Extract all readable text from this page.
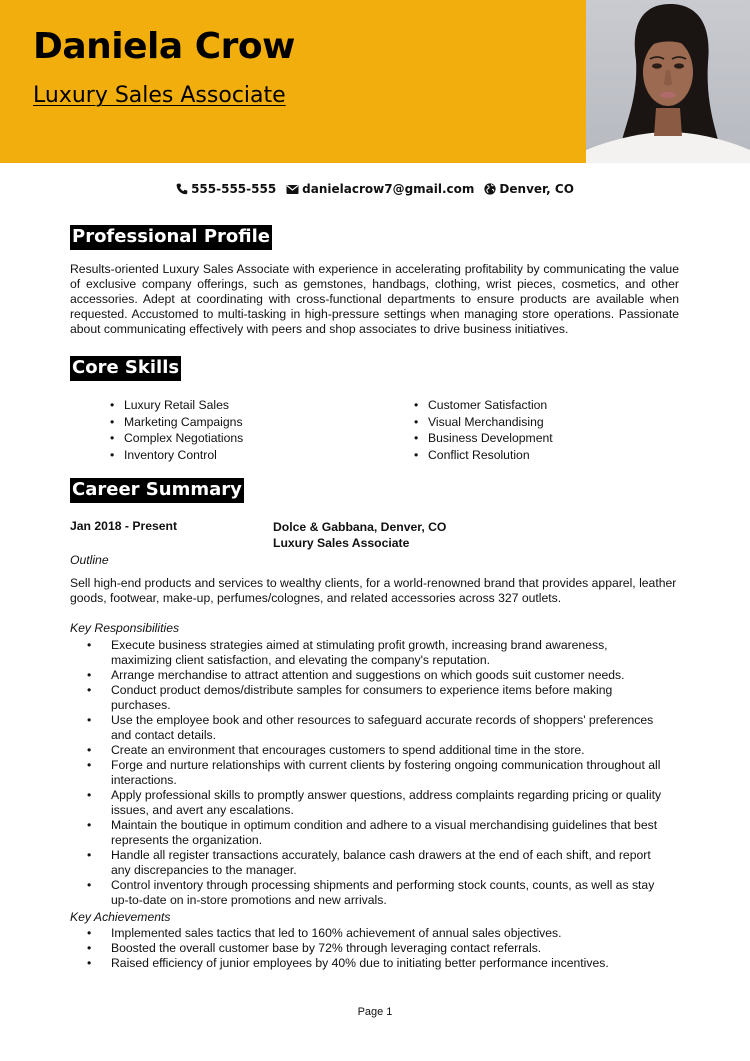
Daniela Crow
Luxury Sales Associate
555-555-555 danielacrow7@gmail.com Denver, CO
Professional Profile

Results-oriented Luxury Sales Associate with experience in accelerating profitability by communicating the value of exclusive company offerings, such as gemstones, handbags, clothing, wrist pieces, cosmetics, and other accessories. Adept at coordinating with cross-functional departments to ensure products are available when requested. Accustomed to multi-tasking in high-pressure settings when managing store operations. Passionate about communicating effectively with peers and shop associates to drive business initiatives.

Core Skills
• Luxury Retail Sales
• Marketing Campaigns
• Complex Negotiations
• Inventory Control
• Customer Satisfaction
• Visual Merchandising
• Business Development
• Conflict Resolution
Career Summary
Jan 2018 - Present	Dolce & Gabbana, Denver, CO
Luxury Sales Associate
Outline

Sell high-end products and services to wealthy clients, for a world-renowned brand that provides apparel, leather goods, footwear, make-up, perfumes/colognes, and related accessories across 327 outlets.

Key Responsibilities
• Execute business strategies aimed at stimulating profit growth, increasing brand awareness, maximizing client satisfaction, and elevating the company's reputation.
• Arrange merchandise to attract attention and suggestions on which goods suit customer needs.
• Conduct product demos/distribute samples for consumers to experience items before making purchases.
• Use the employee book and other resources to safeguard accurate records of shoppers' preferences and contact details.
• Create an environment that encourages customers to spend additional time in the store.
• Forge and nurture relationships with current clients by fostering ongoing communication throughout all interactions.
• Apply professional skills to promptly answer questions, address complaints regarding pricing or quality issues, and avert any escalations.
• Maintain the boutique in optimum condition and adhere to a visual merchandising guidelines that best represents the organization.
• Handle all register transactions accurately, balance cash drawers at the end of each shift, and report any discrepancies to the manager.
• Control inventory through processing shipments and performing stock counts, counts, as well as stay up-to-date on in-store promotions and new arrivals.
Key Achievements
• Implemented sales tactics that led to 160% achievement of annual sales objectives.
• Boosted the overall customer base by 72% through leveraging contact referrals.
• Raised efficiency of junior employees by 40% due to initiating better performance incentives.
Page 1
